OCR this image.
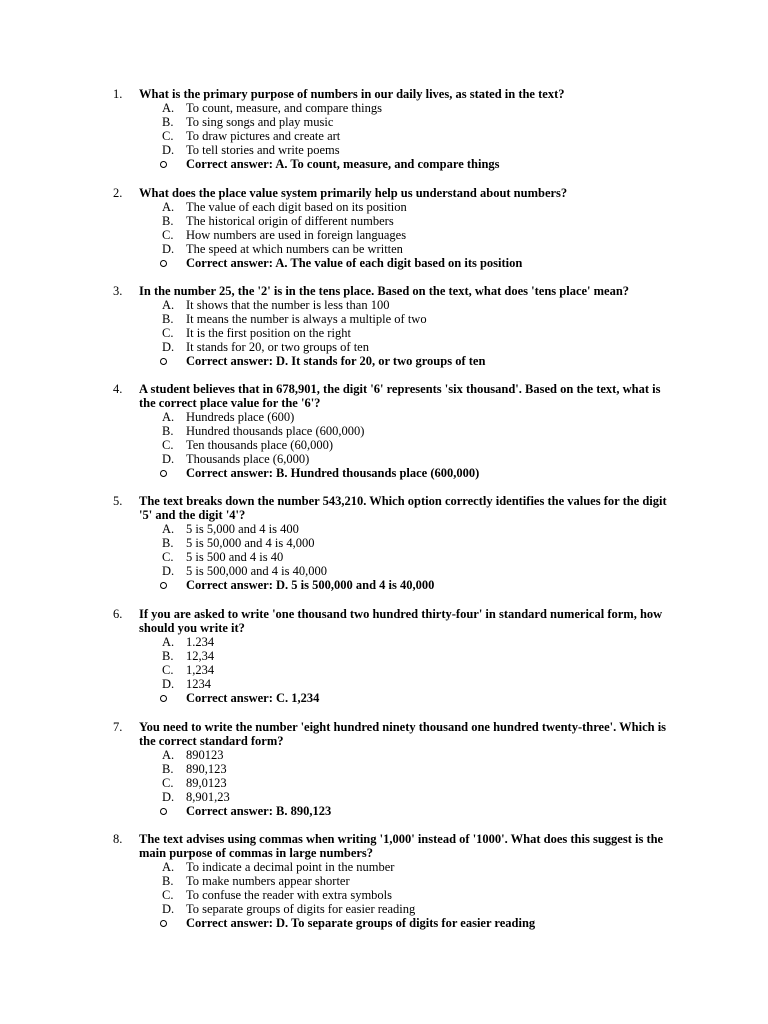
1.	What is the primary purpose of numbers in our daily lives, as stated in the text?
A. To count, measure, and compare things
B.	To sing songs and play music
C.	To draw pictures and create art
D. To tell stories and write poems
Correct answer: A. To count, measure, and compare things
2.	What does the place value system primarily help us understand about numbers?
A. The value of each digit based on its position
B.	The historical origin of different numbers
C.	How numbers are used in foreign languages
D. The speed at which numbers can be written
Correct answer: A. The value of each digit based on its position
3.	In the number 25, the '2' is in the tens place. Based on the text, what does 'tens place' mean?
A. It shows that the number is less than 100
B.	It means the number is always a multiple of two
C.	It is the first position on the right
D. It stands for 20, or two groups of ten
Correct answer: D. It stands for 20, or two groups of ten
4.	A student believes that in 678,901, the digit '6' represents 'six thousand'. Based on the text, what is the correct place value for the '6'?
A. Hundreds place (600)
B.	Hundred thousands place (600,000)
C.	Ten thousands place (60,000)
D. Thousands place (6,000)
Correct answer: B. Hundred thousands place (600,000)
5.	The text breaks down the number 543,210. Which option correctly identifies the values for the digit '5' and the digit '4'?
A. 5 is 5,000 and 4 is 400
B.	5 is 50,000 and 4 is 4,000
C.	5 is 500 and 4 is 40
D. 5 is 500,000 and 4 is 40,000
Correct answer: D. 5 is 500,000 and 4 is 40,000
6.	If you are asked to write 'one thousand two hundred thirty-four' in standard numerical form, how should you write it?
A. 1.234
B.	12,34
C.	1,234
D. 1234
Correct answer: C. 1,234
7.	You need to write the number 'eight hundred ninety thousand one hundred twenty-three'. Which is the correct standard form?
A. 890123
B.	890,123
C.	89,0123
D. 8,901,23
Correct answer: B. 890,123
8.	The text advises using commas when writing '1,000' instead of '1000'. What does this suggest is the main purpose of commas in large numbers?
A. To indicate a decimal point in the number
B.	To make numbers appear shorter
C.	To confuse the reader with extra symbols
D. To separate groups of digits for easier reading
Correct answer: D. To separate groups of digits for easier reading
